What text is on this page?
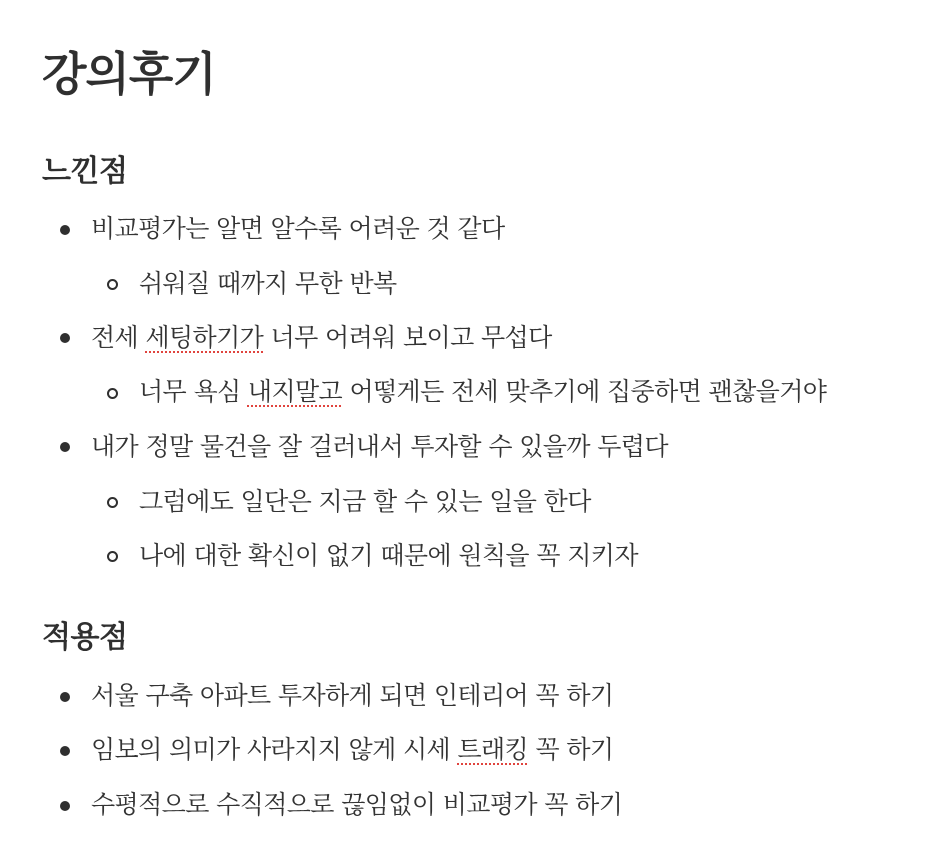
강의후기
느낀점
비교평가는 알면 알수록 어려운 것 같다
쉬워질 때까지 무한 반복
전세 세팅하기가 너무 어려워 보이고 무섭다
너무 욕심 내지말고 어떻게든 전세 맞추기에 집중하면 괜찮을거야
내가 정말 물건을 잘 걸러내서 투자할 수 있을까 두렵다
그럼에도 일단은 지금 할 수 있는 일을 한다
나에 대한 확신이 없기 때문에 원칙을 꼭 지키자
적용점
서울 구축 아파트 투자하게 되면 인테리어 꼭 하기
임보의 의미가 사라지지 않게 시세 트래킹 꼭 하기
수평적으로 수직적으로 끊임없이 비교평가 꼭 하기
